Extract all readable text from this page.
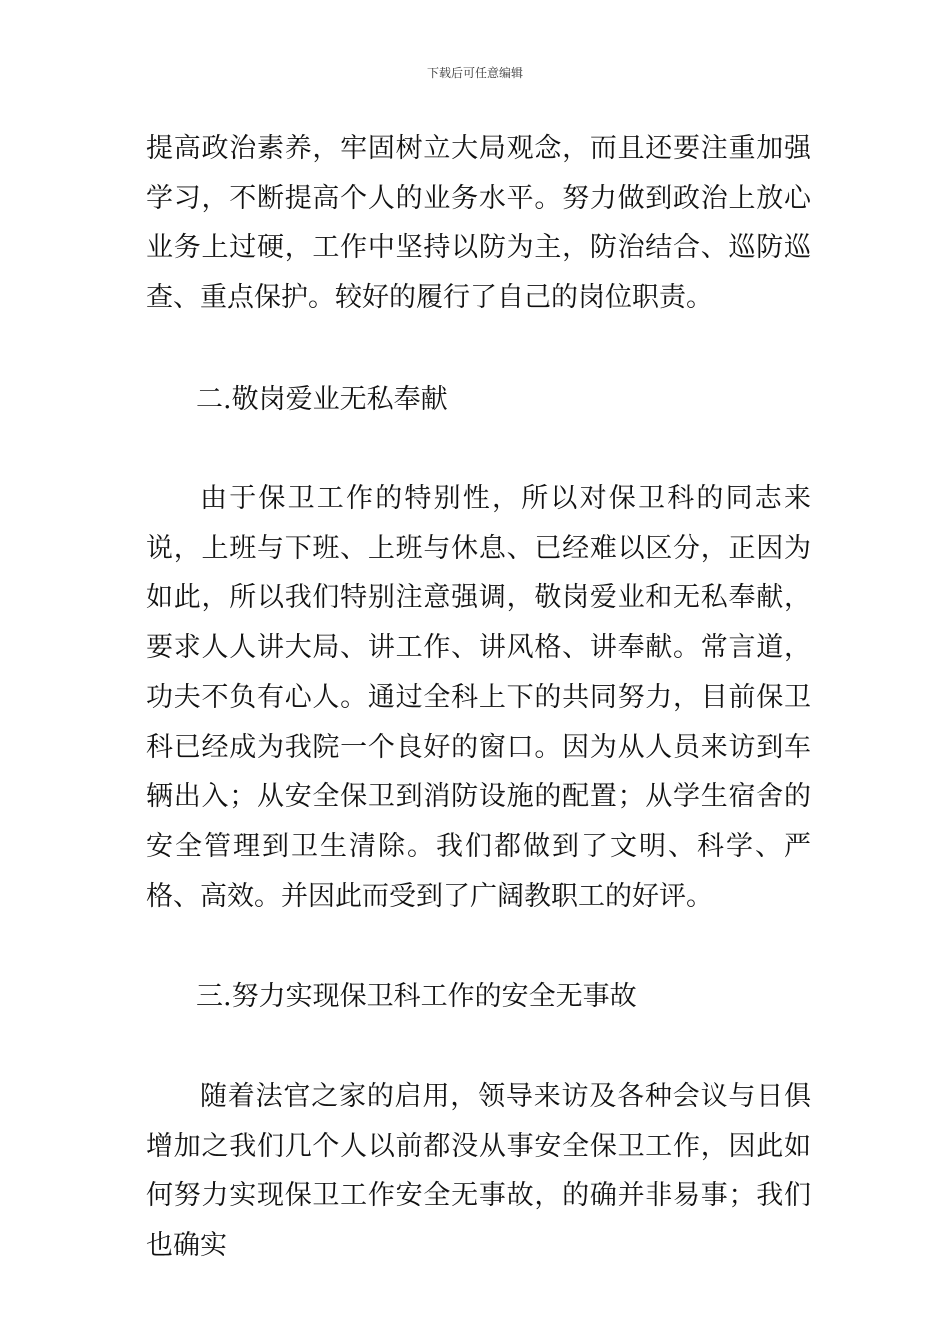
下载后可任意编辑

提高政治素养，牢固树立大局观念，而且还要注重加强学习，不断提高个人的业务水平。努力做到政治上放心业务上过硬，工作中坚持以防为主，防治结合、巡防巡查、重点保护。较好的履行了自己的岗位职责。

二.敬岗爱业无私奉献

由于保卫工作的特别性，所以对保卫科的同志来说，上班与下班、上班与休息、已经难以区分，正因为如此，所以我们特别注意强调，敬岗爱业和无私奉献，要求人人讲大局、讲工作、讲风格、讲奉献。常言道，功夫不负有心人。通过全科上下的共同努力，目前保卫科已经成为我院一个良好的窗口。因为从人员来访到车辆出入；从安全保卫到消防设施的配置；从学生宿舍的安全管理到卫生清除。我们都做到了文明、科学、严格、高效。并因此而受到了广阔教职工的好评。

三.努力实现保卫科工作的安全无事故

随着法官之家的启用，领导来访及各种会议与日俱增加之我们几个人以前都没从事安全保卫工作，因此如何努力实现保卫工作安全无事故，的确并非易事；我们也确实
